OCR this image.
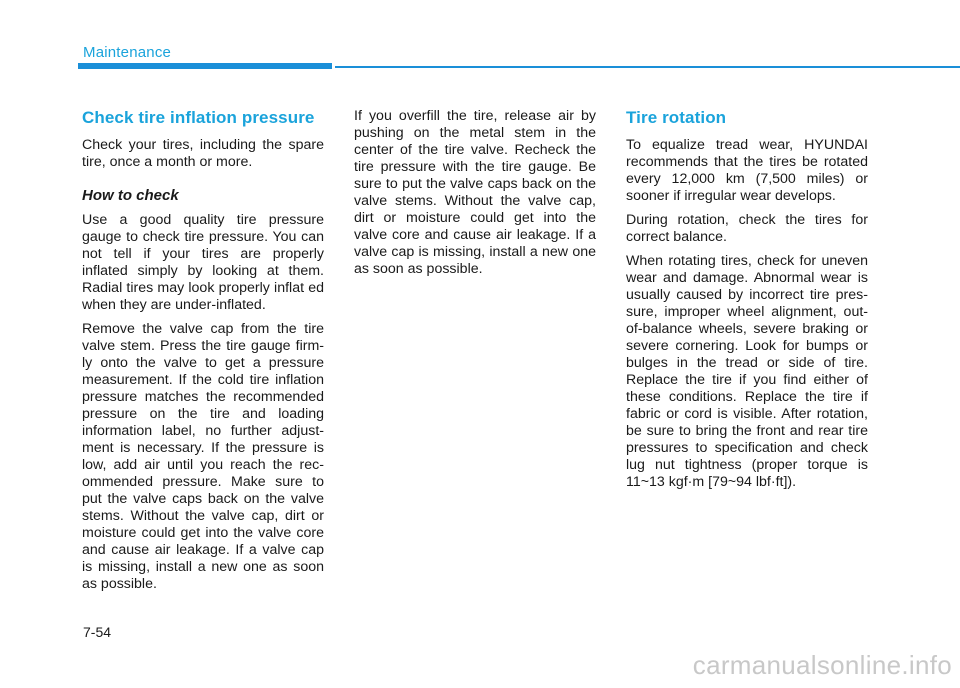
Maintenance
Check tire inflation pressure

Check your tires, including the spare tire, once a month or more.

How to check

Use a good quality tire pressure gauge to check tire pressure. You can not tell if your tires are properly inflated simply by looking at them. Radial tires may look properly inflat ed when they are under-inflated.

Remove the valve cap from the tire valve stem. Press the tire gauge firm ly onto the valve to get a pressure measurement. If the cold tire inflation pressure matches the recommended pressure on the tire and loading information label, no further adjust ment is necessary. If the pressure is low, add air until you reach the rec ommended pressure. Make sure to put the valve caps back on the valve stems. Without the valve cap, dirt or moisture could get into the valve core and cause air leakage. If a valve cap is missing, install a new one as soon as possible.

If you overfill the tire, release air by pushing on the metal stem in the center of the tire valve. Recheck the tire pressure with the tire gauge. Be sure to put the valve caps back on the valve stems. Without the valve cap, dirt or moisture could get into the valve core and cause air leakage. If a valve cap is missing, install a new one as soon as possible.

Tire rotation

To equalize tread wear, HYUNDAI recommends that the tires be rotated every 12,000 km (7,500 miles) or sooner if irregular wear develops.

During rotation, check the tires for correct balance.

When rotating tires, check for uneven wear and damage. Abnormal wear is usually caused by incorrect tire pres sure, improper wheel alignment, out-of-balance wheels, severe braking or severe cornering. Look for bumps or bulges in the tread or side of tire. Replace the tire if you find either of these conditions. Replace the tire if fabric or cord is visible. After rotation, be sure to bring the front and rear tire pressures to specification and check lug nut tightness (proper torque is 11~13 kgf·m [79~94 lbf·ft]).

7-54
carmanualsonline.info
